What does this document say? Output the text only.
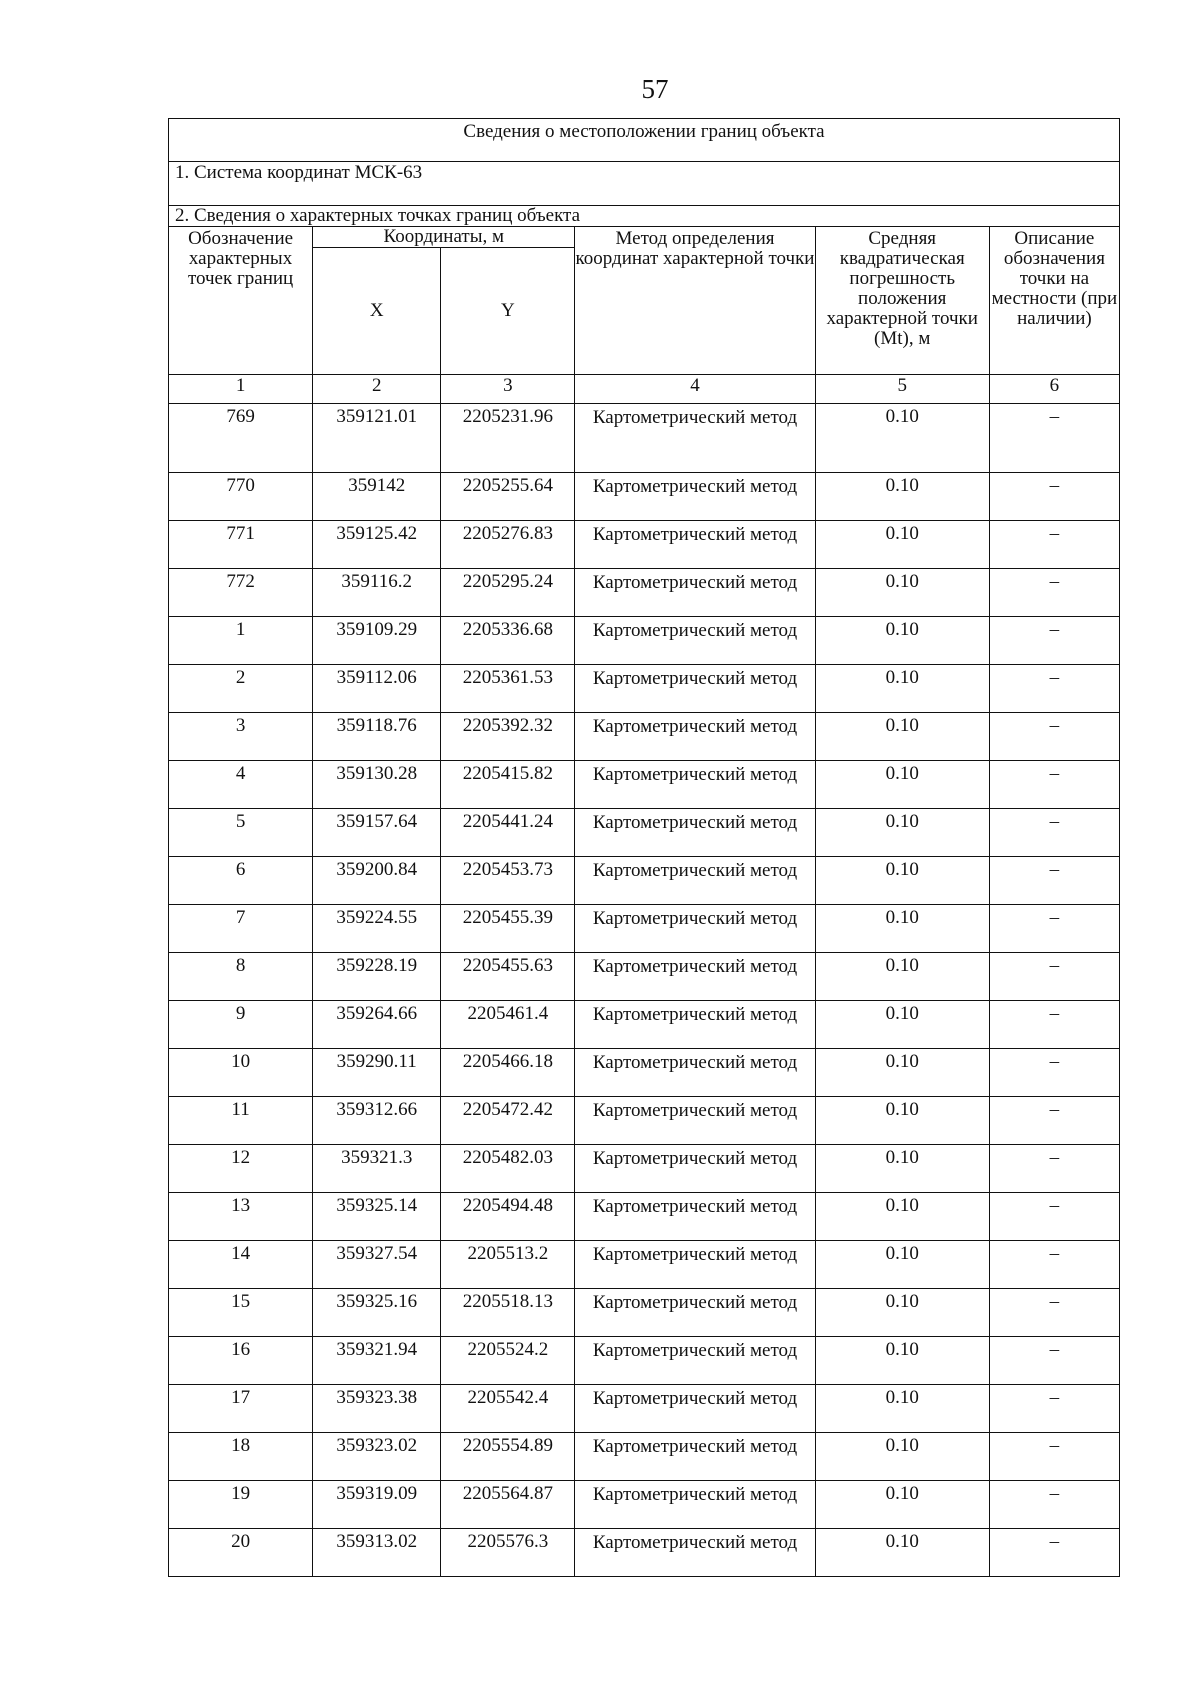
57
Сведения о местоположении границ объекта					
1. Система координат МСК-63					
2. Сведения о характерных точках границ объекта					
Обозначение характерных точек границ	Координаты, м		Метод определения координат характерной точки	Средняя квадратическая погрешность положения характерной точки (Mt), м	Описание обозначения точки на местности (при наличии)
	X	Y			
1	2	3	4	5	6
769	359121.01	2205231.96	Картометрический метод	0.10	–
770	359142	2205255.64	Картометрический метод	0.10	–
771	359125.42	2205276.83	Картометрический метод	0.10	–
772	359116.2	2205295.24	Картометрический метод	0.10	–
1	359109.29	2205336.68	Картометрический метод	0.10	–
2	359112.06	2205361.53	Картометрический метод	0.10	–
3	359118.76	2205392.32	Картометрический метод	0.10	–
4	359130.28	2205415.82	Картометрический метод	0.10	–
5	359157.64	2205441.24	Картометрический метод	0.10	–
6	359200.84	2205453.73	Картометрический метод	0.10	–
7	359224.55	2205455.39	Картометрический метод	0.10	–
8	359228.19	2205455.63	Картометрический метод	0.10	–
9	359264.66	2205461.4	Картометрический метод	0.10	–
10	359290.11	2205466.18	Картометрический метод	0.10	–
11	359312.66	2205472.42	Картометрический метод	0.10	–
12	359321.3	2205482.03	Картометрический метод	0.10	–
13	359325.14	2205494.48	Картометрический метод	0.10	–
14	359327.54	2205513.2	Картометрический метод	0.10	–
15	359325.16	2205518.13	Картометрический метод	0.10	–
16	359321.94	2205524.2	Картометрический метод	0.10	–
17	359323.38	2205542.4	Картометрический метод	0.10	–
18	359323.02	2205554.89	Картометрический метод	0.10	–
19	359319.09	2205564.87	Картометрический метод	0.10	–
20	359313.02	2205576.3	Картометрический метод	0.10	–
